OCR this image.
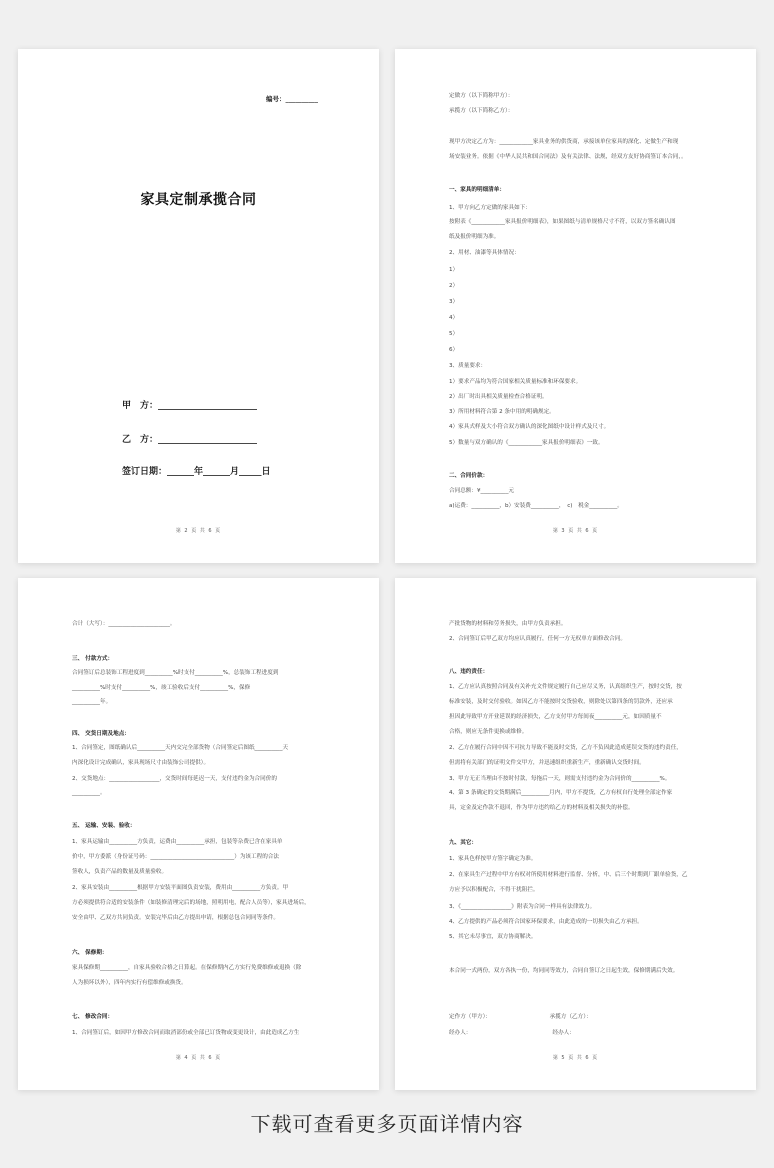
编号：__________
家具定制承揽合同
甲　方：______________________
乙　方：______________________
签订日期：______年______月_____日
第 2 页 共 6 页	第 3 页 共 6 页
定做方（以下简称甲方）：
承揽方（以下简称乙方）：
现甲方决定乙方为：____________家具业务的供货商，承接该单位家具的深化、定做生产和现
场安装业务。依据《中华人民共和国合同法》及有关法律、法规，经双方友好协商签订本合同，。
一、家具的明细清单：
1、甲方向乙方定做的家具如下：
按附表《____________家具报价明细表》，如果图纸与清单规格尺寸不符，以双方签名确认图
纸及报价明细为准。
2、用材、油漆等具体情况：
1）
2）
3）
4）
5）
6）
3、质量要求：
1）要求产品均为符合国家相关质量标准和环保要求。
2）出厂时出具相关质量检查合格证明。
3）所用材料符合第 2 条中用的明确规定。
4）家具式样及大小符合双方确认的深化图纸中设计样式及尺寸。
5）数量与双方确认的《____________家具报价明细表》一致。
二、合同价款：
合同总额：¥__________元
a)运费：__________，b）安装费__________，　c)　税金__________。
第 4 页 共 6 页
合计（大写）：______________________。
三、 付款方式：
合同签订后总装饰工程进度到__________%时支付__________%，总装饰工程进度到
__________%时支付__________%，竣工验收后支付__________%，保修
__________年。
四、 交货日期及地点：
1、合同签定，图纸确认后__________天内交完全部货物（合同签定后图纸__________天
内深化设计完成确认，家具现场尺寸由装饰公司提供）。
2、交货地点：__________________，交货时间每延迟一天，支付违约金为合同价的
__________。
五、 运输、安装、验收：
1、家具运输由__________方负责，运费由__________承担，包装等杂费已含在家具单
价中，甲方委派（身份证号码：______________________________）为该工程的合法
签收人，负责产品的数量及质量验收。
2、家具安装由__________根据甲方安装平面图负责安装，费用由__________方负责。甲
方必须提供符合适的安装条件（如装修清理完后的场地，照明用电，配合人员等），家具进场后，
安全由甲、乙双方共同负责。安装完毕后由乙方提出申请，根据总包合同同等条件。
六、 保修期：
家具保修期__________，自家具验收合格之日算起。在保修期内乙方实行免费维修或退换（除
人为损坏以外），四年内实行有偿维修或换货。
七、 修改合同：
1、合同签订后，如因甲方修改合同而取消部份或全部已订货物或变更设计，由此造成乙方生
第 5 页 共 6 页
产批货物的材料和劳务损失，由甲方负责承担。
2、合同签订后甲乙双方均应认真履行，任何一方无权单方面修改合同。
八、违约责任：
1、乙方应认真按照合同及有关补充文件规定履行自己应尽义务，认真组织生产，按时交货，按
标准安装，及时交付验收。如因乙方不能按时交货验收，则除处以第四条的罚款外，还应承
担因此导致甲方开业延误的经济损失，乙方支付甲方每间夜__________元，如因质量不
合格，则应无条件更换或维修。
2、乙方在履行合同中因不可抗力导致不能及时交货，乙方不负因此造成延误交货的违约责任，
但需将有关部门的证明文件交甲方，并迅速组织重新生产，重新确认交货时间。
3、甲方无正当理由不按时付款，每拖后一天，则需支付违约金为合同价的__________%。
4、第 3 条确定的交货期满后__________月内，甲方不提货，乙方有权自行处理全部定作家
具，定金及定作款不退回，作为甲方违约给乙方的材料及相关损失的补偿。
九、其它：
1、家具色样按甲方签字确定为准。
2、在家具生产过程中甲方有权对所使用材料进行监督、分析，中、后三个时期到厂跟单验货，乙
方应予以积极配合，不得干扰阻拦。
3、《__________________》附表为合同一样具有法律效力。
4、乙方提供的产品必须符合国家环保要求，由此造成的一切损失由乙方承担。
5、其它未尽事宜，双方协商解决。
本合同一式两份，双方各执一份，均同同等效力，合同自签订之日起生效，保修期满后失效。
定作方（甲方）：　　　　　　　　　　　承揽方（乙方）：
经办人：　　　　　　　　　　　　　　　经办人：
下载可查看更多页面详情内容
